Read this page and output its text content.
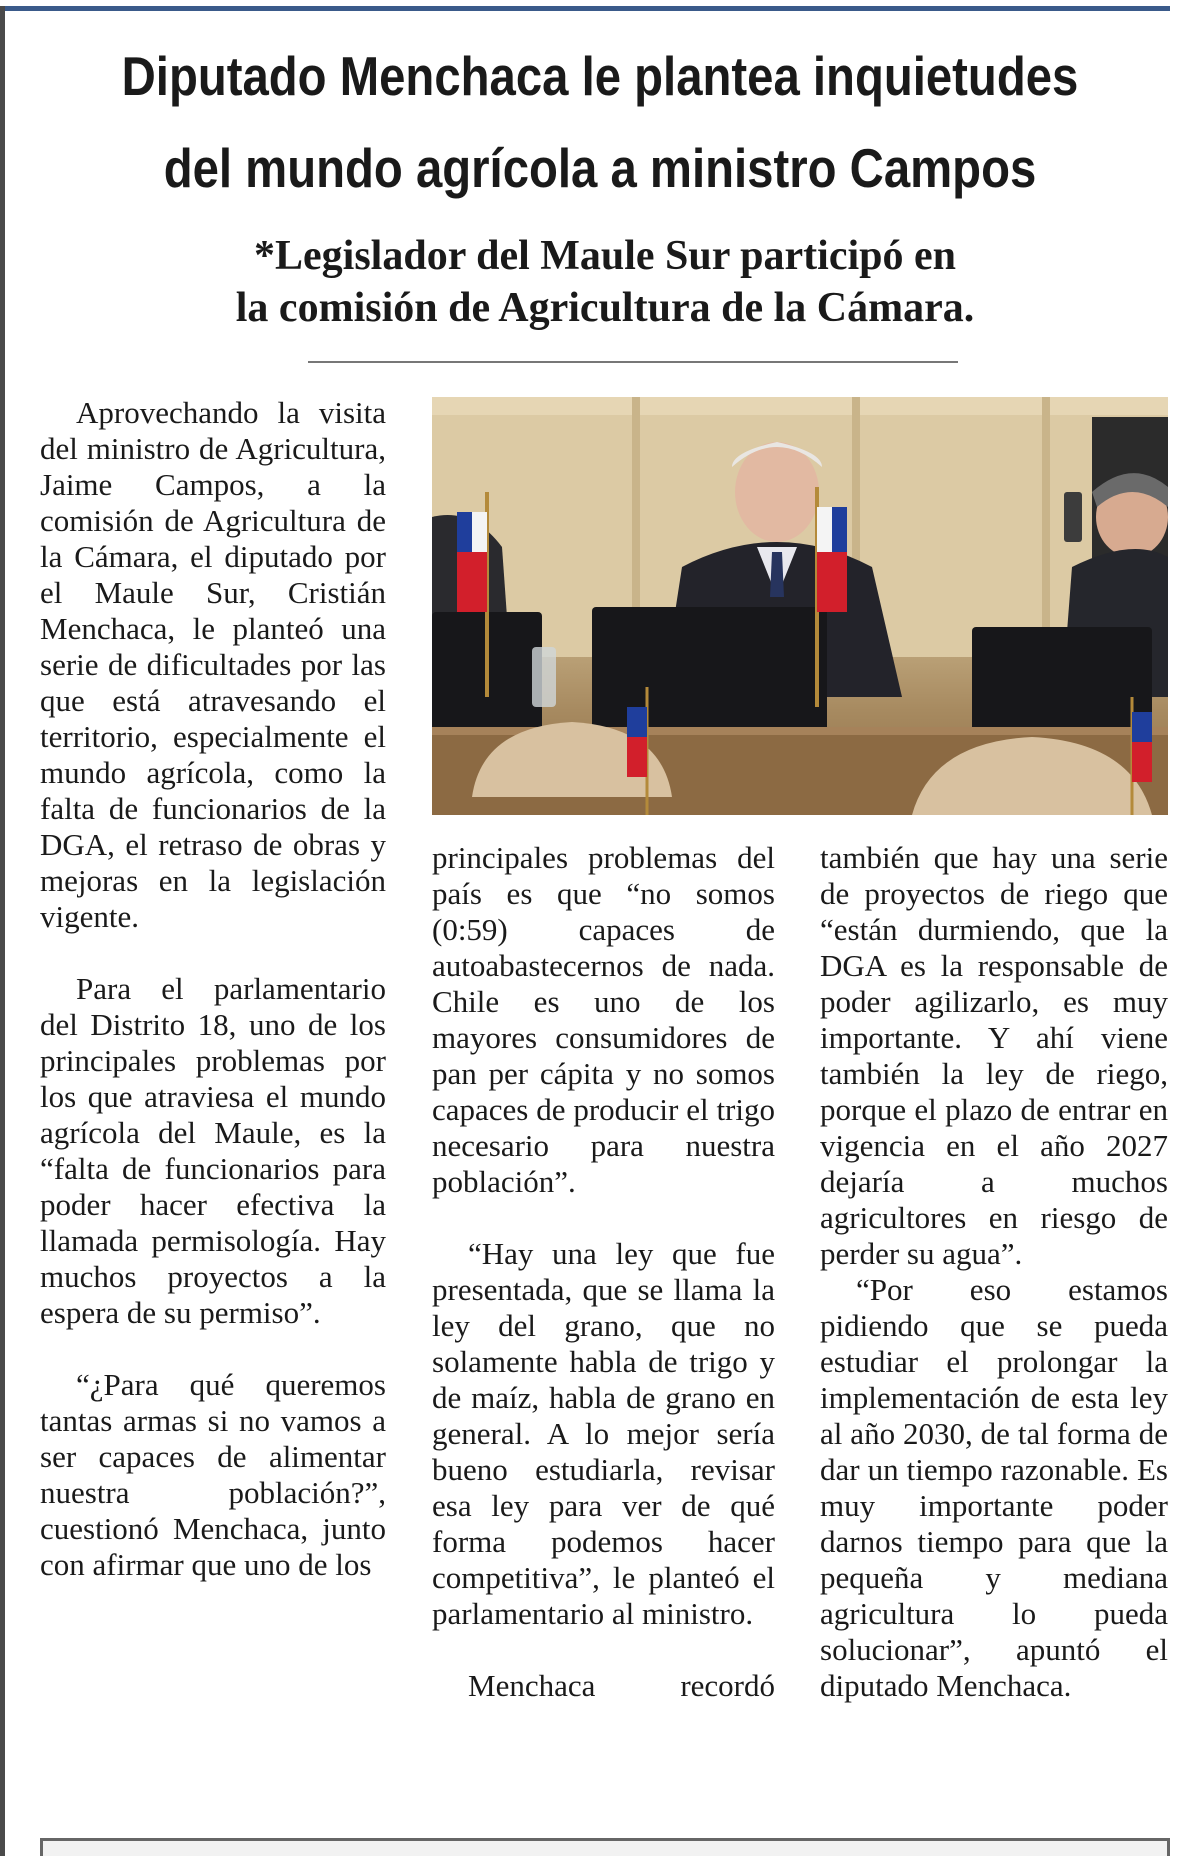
Diputado Menchaca le plantea inquietudes
del mundo agrícola a ministro Campos
*Legislador del Maule Sur participó en
la comisión de Agricultura de la Cámara.

Aprovechando la visita del ministro de Agricultura, Jaime Campos, a la comisión de Agricultura de la Cámara, el diputado por el Maule Sur, Cristián Menchaca, le planteó una serie de dificultades por las que está atravesando el territorio, especialmente el mundo agrícola, como la falta de funcionarios de la DGA, el retraso de obras y mejoras en la legislación vigente.

Para el parlamentario del Distrito 18, uno de los principales problemas por los que atraviesa el mundo agrícola del Maule, es la “falta de funcionarios para poder hacer efectiva la llamada permisología. Hay muchos proyectos a la espera de su permiso”.

“¿Para qué queremos tantas armas si no vamos a ser capaces de alimentar nuestra población?”, cuestionó Menchaca, junto con afirmar que uno de los

principales problemas del país es que “no somos (0:59) capaces de autoabastecernos de nada. Chile es uno de los mayores consumidores de pan per cápita y no somos capaces de producir el trigo necesario para nuestra población”.

“Hay una ley que fue presentada, que se llama la ley del grano, que no solamente habla de trigo y de maíz, habla de grano en general. A lo mejor sería bueno estudiarla, revisar esa ley para ver de qué forma podemos hacer competitiva”, le planteó el parlamentario al ministro.

Menchaca recordó

también que hay una serie de proyectos de riego que “están durmiendo, que la DGA es la responsable de poder agilizarlo, es muy importante. Y ahí viene también la ley de riego, porque el plazo de entrar en vigencia en el año 2027 dejaría a muchos agricultores en riesgo de perder su agua”.

“Por eso estamos pidiendo que se pueda estudiar el prolongar la implementación de esta ley al año 2030, de tal forma de dar un tiempo razonable. Es muy importante poder darnos tiempo para que la pequeña y mediana agricultura lo pueda solucionar”, apuntó el diputado Menchaca.
